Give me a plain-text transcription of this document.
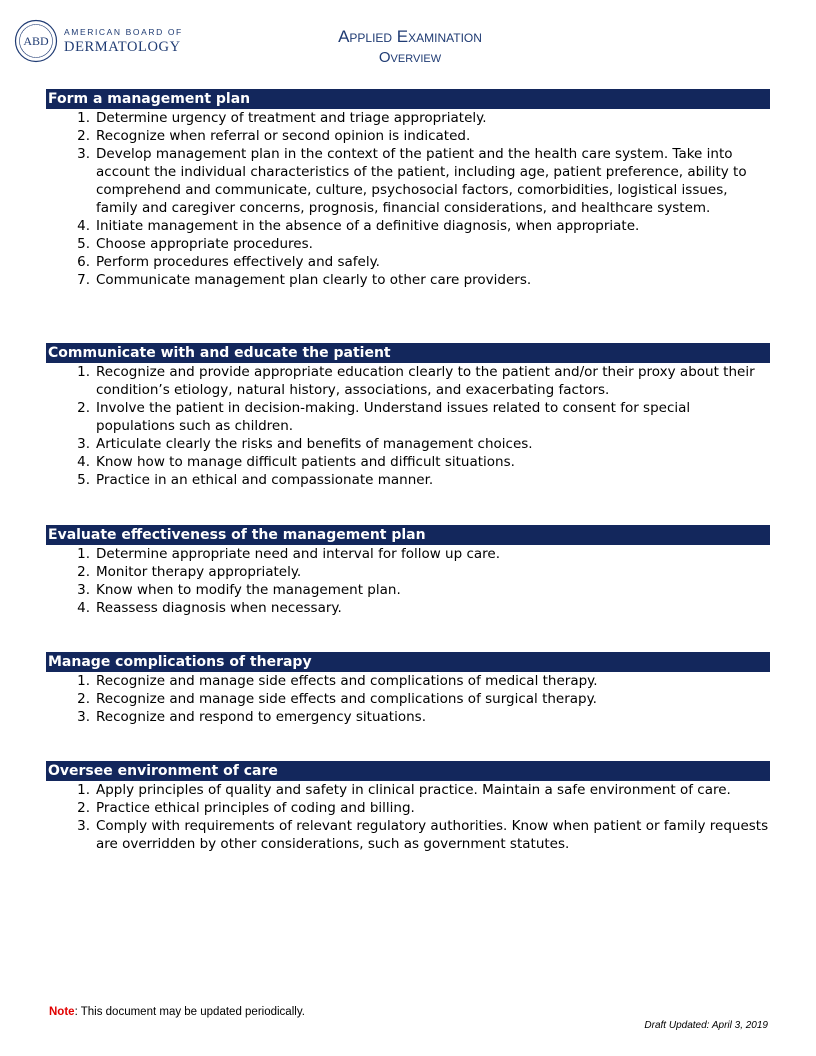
ABD
AMERICAN BOARD OF
DERMATOLOGY
Applied Examination
Overview
Form a management plan
1. Determine urgency of treatment and triage appropriately.
2. Recognize when referral or second opinion is indicated.
3. Develop management plan in the context of the patient and the health care system. Take into account the individual characteristics of the patient, including age, patient preference, ability to comprehend and communicate, culture, psychosocial factors, comorbidities, logistical issues, family and caregiver concerns, prognosis, financial considerations, and healthcare system.
4. Initiate management in the absence of a definitive diagnosis, when appropriate.
5. Choose appropriate procedures.
6. Perform procedures effectively and safely.
7. Communicate management plan clearly to other care providers.
Communicate with and educate the patient
1. Recognize and provide appropriate education clearly to the patient and/or their proxy about their condition’s etiology, natural history, associations, and exacerbating factors.
2. Involve the patient in decision-making. Understand issues related to consent for special populations such as children.
3. Articulate clearly the risks and benefits of management choices.
4. Know how to manage difficult patients and difficult situations.
5. Practice in an ethical and compassionate manner.
Evaluate effectiveness of the management plan
1. Determine appropriate need and interval for follow up care.
2. Monitor therapy appropriately.
3. Know when to modify the management plan.
4. Reassess diagnosis when necessary.
Manage complications of therapy
1. Recognize and manage side effects and complications of medical therapy.
2. Recognize and manage side effects and complications of surgical therapy.
3. Recognize and respond to emergency situations.
Oversee environment of care
1. Apply principles of quality and safety in clinical practice. Maintain a safe environment of care.
2. Practice ethical principles of coding and billing.
3. Comply with requirements of relevant regulatory authorities. Know when patient or family requests are overridden by other considerations, such as government statutes.
Note: This document may be updated periodically.
Draft Updated: April 3, 2019
